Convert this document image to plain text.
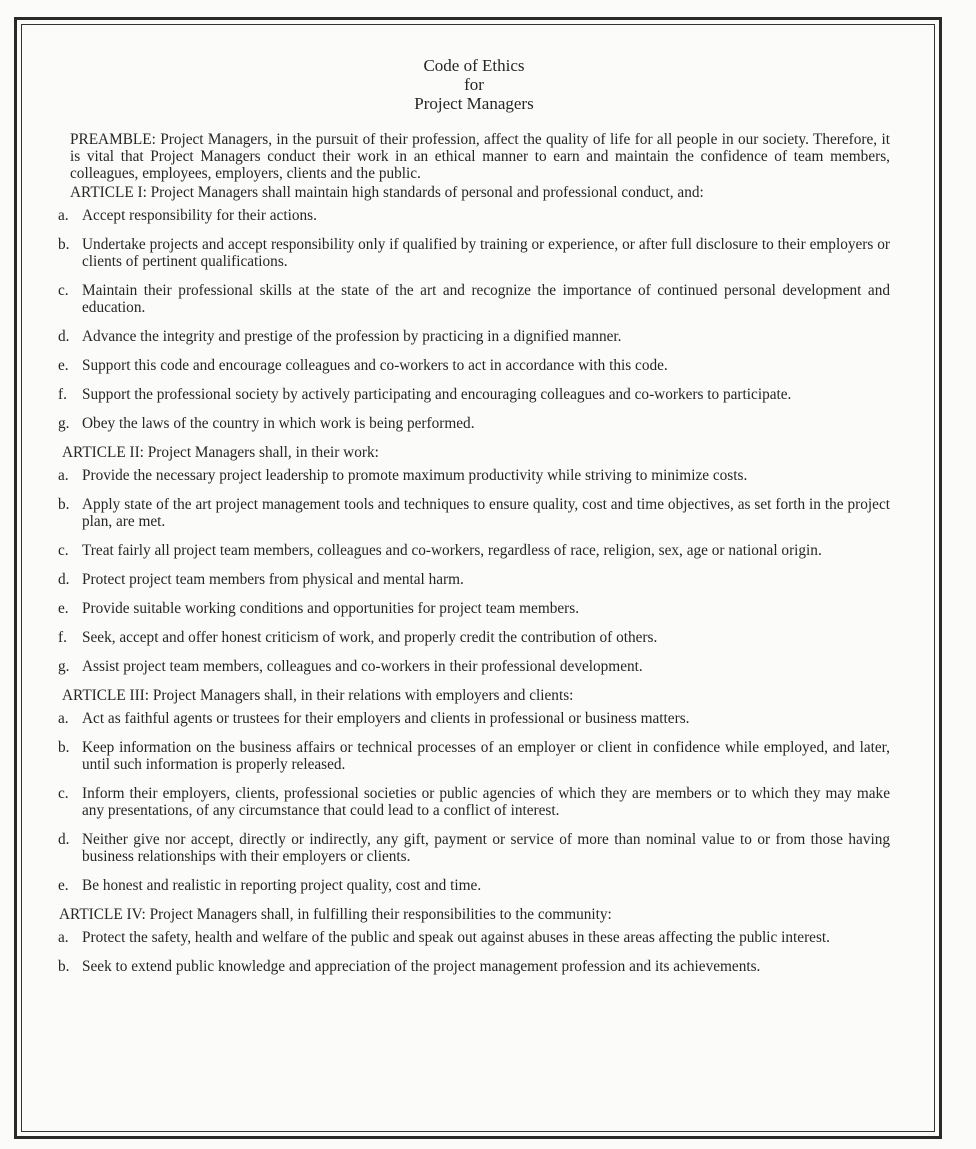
Code of Ethics
for
Project Managers

PREAMBLE: Project Managers, in the pursuit of their profession, affect the quality of life for all people in our society. Therefore, it is vital that Project Managers conduct their work in an ethical manner to earn and maintain the confidence of team members, colleagues, employees, employers, clients and the public.

ARTICLE I: Project Managers shall maintain high standards of personal and professional conduct, and:

a. Accept responsibility for their actions.
b. Undertake projects and accept responsibility only if qualified by training or experience, or after full disclosure to their employers or clients of pertinent qualifications.
c. Maintain their professional skills at the state of the art and recognize the importance of continued personal development and education.
d. Advance the integrity and prestige of the profession by practicing in a dignified manner.
e. Support this code and encourage colleagues and co-workers to act in accordance with this code.
f. Support the professional society by actively participating and encouraging colleagues and co-workers to participate.
g. Obey the laws of the country in which work is being performed.

ARTICLE II: Project Managers shall, in their work:

a. Provide the necessary project leadership to promote maximum productivity while striving to minimize costs.
b. Apply state of the art project management tools and techniques to ensure quality, cost and time objectives, as set forth in the project plan, are met.
c. Treat fairly all project team members, colleagues and co-workers, regardless of race, religion, sex, age or national origin.
d. Protect project team members from physical and mental harm.
e. Provide suitable working conditions and opportunities for project team members.
f. Seek, accept and offer honest criticism of work, and properly credit the contribution of others.
g. Assist project team members, colleagues and co-workers in their professional development.

ARTICLE III: Project Managers shall, in their relations with employers and clients:

a. Act as faithful agents or trustees for their employers and clients in professional or business matters.
b. Keep information on the business affairs or technical processes of an employer or client in confidence while employed, and later, until such information is properly released.
c. Inform their employers, clients, professional societies or public agencies of which they are members or to which they may make any presentations, of any circumstance that could lead to a conflict of interest.
d. Neither give nor accept, directly or indirectly, any gift, payment or service of more than nominal value to or from those having business relationships with their employers or clients.
e. Be honest and realistic in reporting project quality, cost and time.

ARTICLE IV: Project Managers shall, in fulfilling their responsibilities to the community:

a. Protect the safety, health and welfare of the public and speak out against abuses in these areas affecting the public interest.
b. Seek to extend public knowledge and appreciation of the project management profession and its achievements.
